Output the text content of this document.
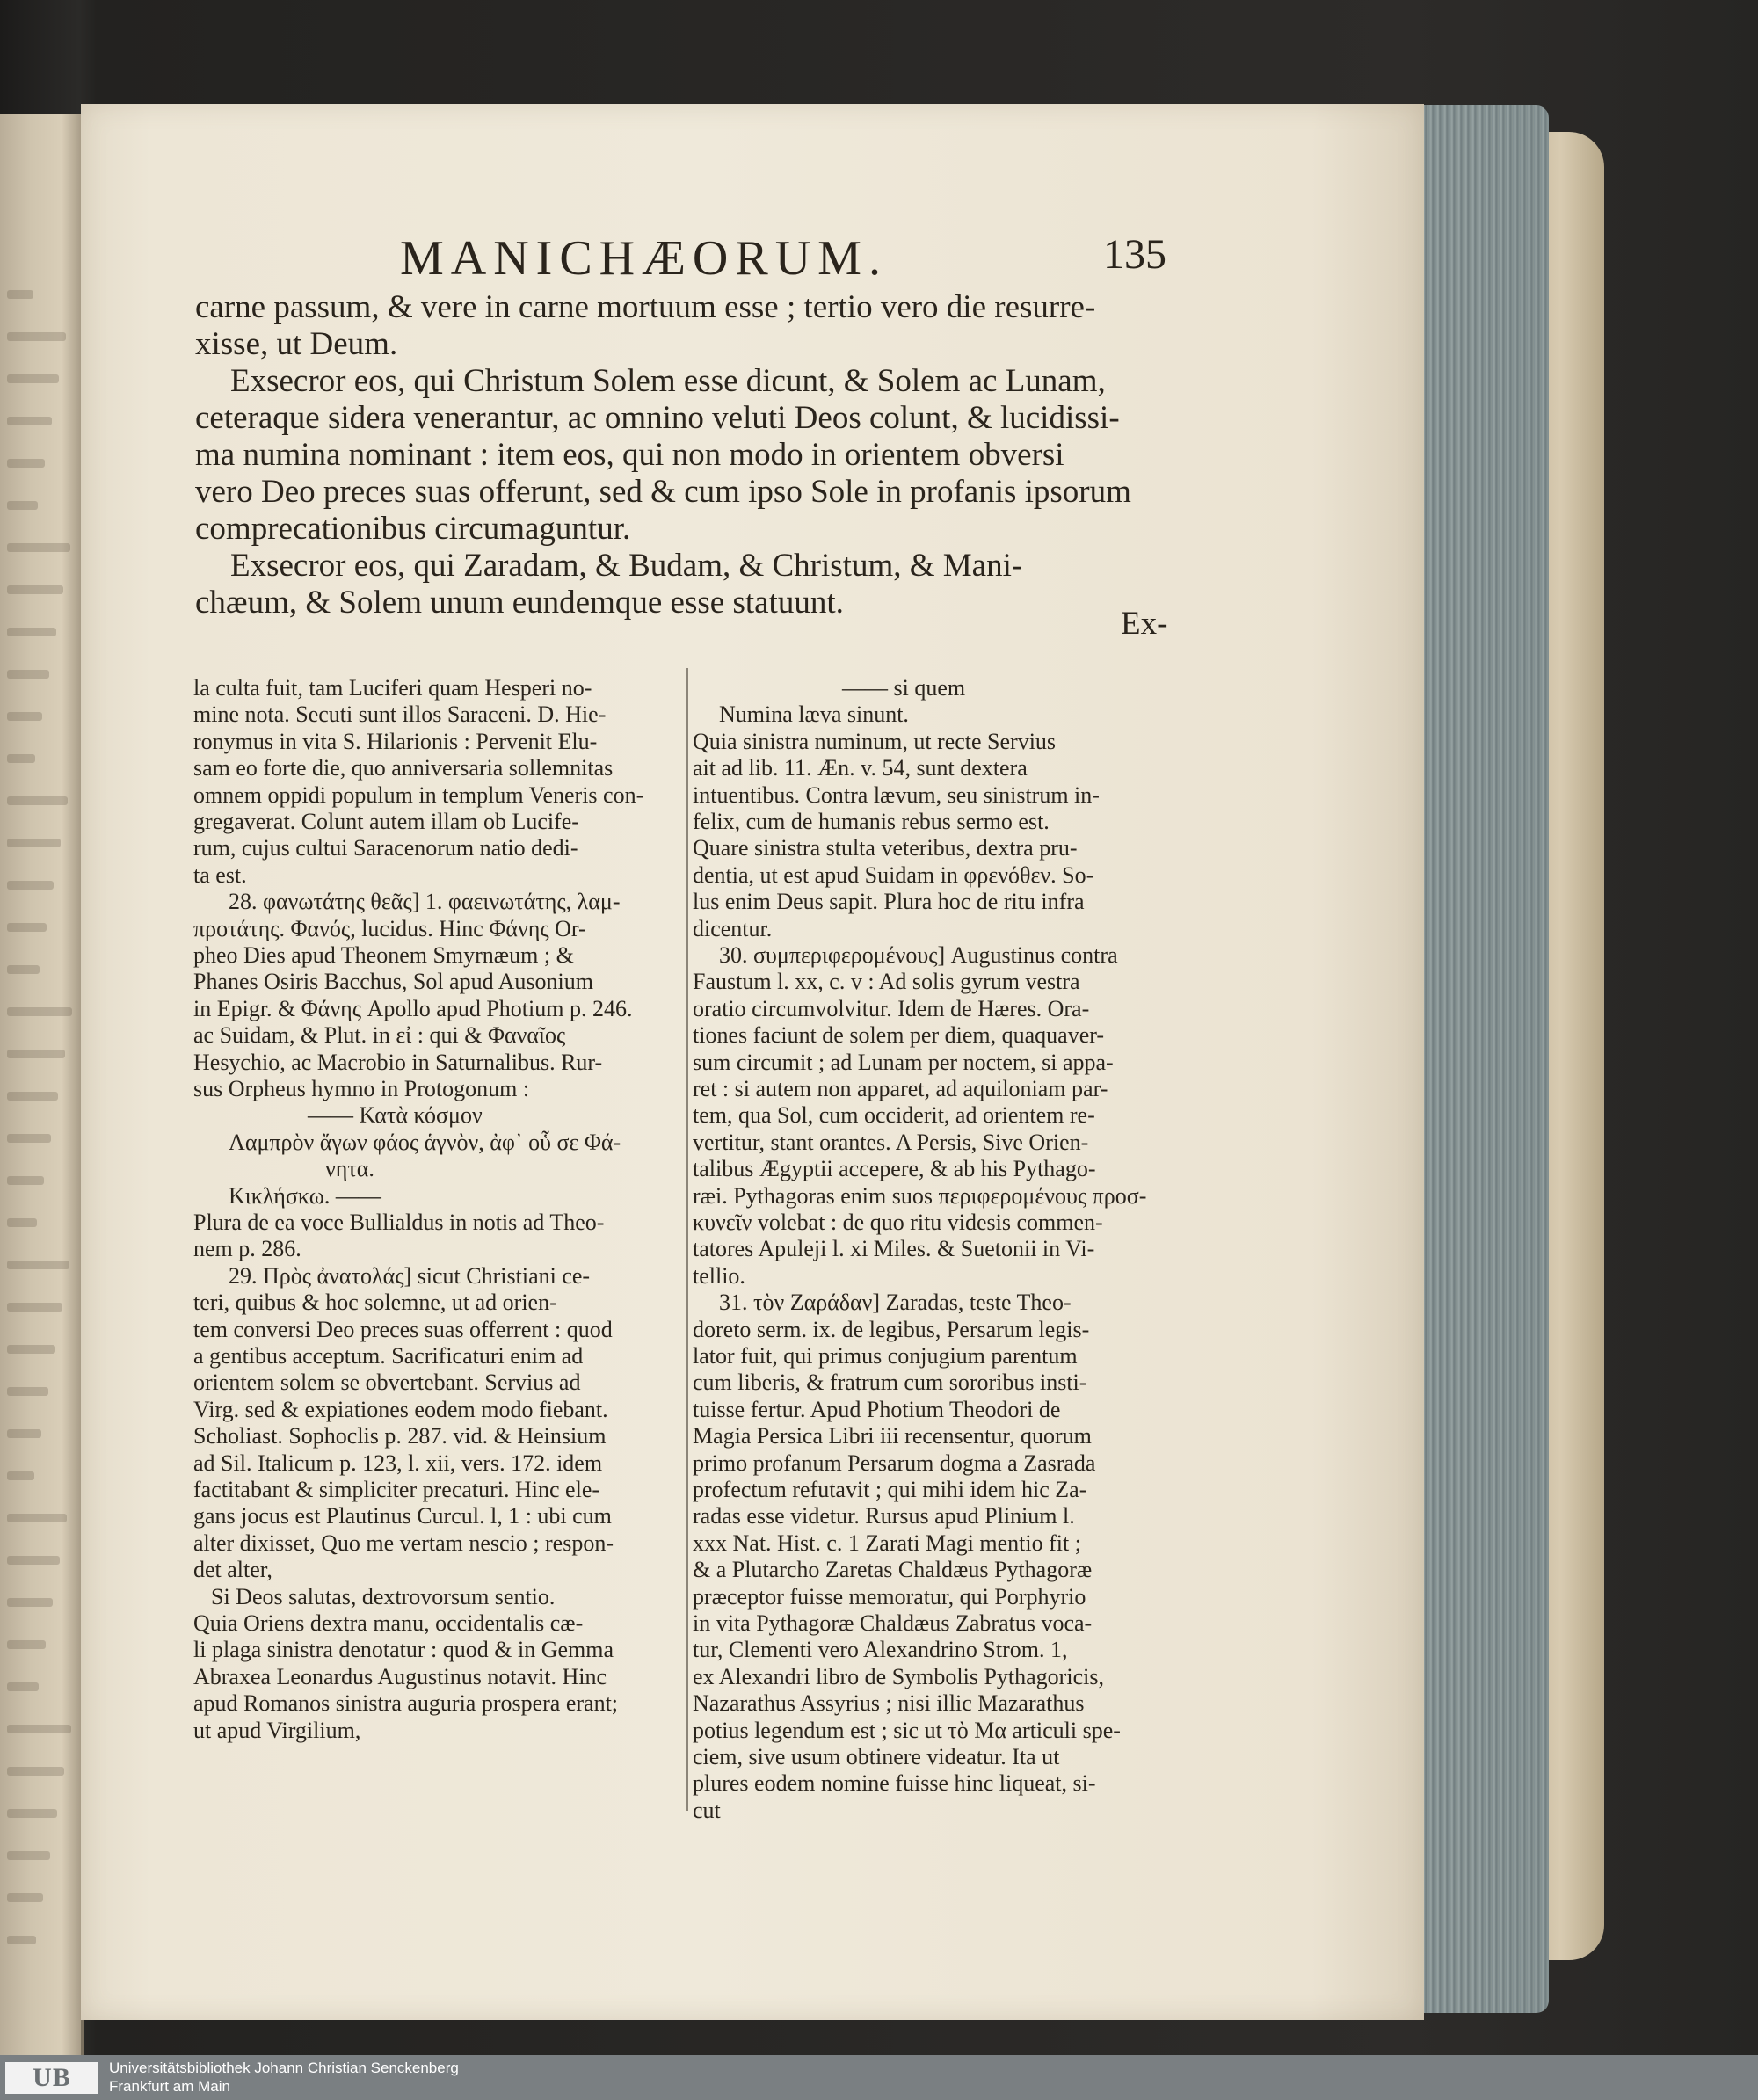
MANICHÆORUM.	135
carne passum, & vere in carne mortuum esse ; tertio vero die resurre-
xisse, ut Deum.
Exsecror eos, qui Christum Solem esse dicunt, & Solem ac Lunam,
ceteraque sidera venerantur, ac omnino veluti Deos colunt, & lucidissi-
ma numina nominant : item eos, qui non modo in orientem obversi
vero Deo preces suas offerunt, sed & cum ipso Sole in profanis ipsorum
comprecationibus circumaguntur.
Exsecror eos, qui Zaradam, & Budam, & Christum, & Mani-
chæum, & Solem unum eundemque esse statuunt.
Ex-
UB	Universitätsbibliothek Johann Christian Senckenberg
Frankfurt am Main
la culta fuit, tam Luciferi quam Hesperi no-
mine nota. Secuti sunt illos Saraceni. D. Hie-
ronymus in vita S. Hilarionis : Pervenit Elu-
sam eo forte die, quo anniversaria sollemnitas
omnem oppidi populum in templum Veneris con-
gregaverat. Colunt autem illam ob Lucife-
rum, cujus cultui Saracenorum natio dedi-
ta est.
28. φανωτάτης θεᾶς] 1. φαεινωτάτης, λαμ-
προτάτης. Φανός, lucidus. Hinc Φάνης Or-
pheo Dies apud Theonem Smyrnæum ; &
Phanes Osiris Bacchus, Sol apud Ausonium
in Epigr. & Φάνης Apollo apud Photium p. 246.
ac Suidam, & Plut. in εἰ : qui & Φαναῖος
Hesychio, ac Macrobio in Saturnalibus. Rur-
sus Orpheus hymno in Protogonum :
—— Κατὰ κόσμον
Λαμπρὸν ἄγων φάος ἁγνὸν, ἀφ᾽ οὗ σε Φά-
νητα.
Κικλήσκω. ——
Plura de ea voce Bullialdus in notis ad Theo-
nem p. 286.
29. Πρὸς ἀνατολάς] sicut Christiani ce-
teri, quibus & hoc solemne, ut ad orien-
tem conversi Deo preces suas offerrent : quod
a gentibus acceptum. Sacrificaturi enim ad
orientem solem se obvertebant. Servius ad
Virg. sed & expiationes eodem modo fiebant.
Scholiast. Sophoclis p. 287. vid. & Heinsium
ad Sil. Italicum p. 123, l. xii, vers. 172. idem
factitabant & simpliciter precaturi. Hinc ele-
gans jocus est Plautinus Curcul. l, 1 : ubi cum
alter dixisset, Quo me vertam nescio ; respon-
det alter,
Si Deos salutas, dextrovorsum sentio.
Quia Oriens dextra manu, occidentalis cæ-
li plaga sinistra denotatur : quod & in Gemma
Abraxea Leonardus Augustinus notavit. Hinc
apud Romanos sinistra auguria prospera erant;
ut apud Virgilium,
—— si quem
Numina læva sinunt.
Quia sinistra numinum, ut recte Servius
ait ad lib. 11. Æn. v. 54, sunt dextera
intuentibus. Contra lævum, seu sinistrum in-
felix, cum de humanis rebus sermo est.
Quare sinistra stulta veteribus, dextra pru-
dentia, ut est apud Suidam in φρενόθεν. So-
lus enim Deus sapit. Plura hoc de ritu infra
dicentur.
30. συμπεριφερομένους] Augustinus contra
Faustum l. xx, c. v : Ad solis gyrum vestra
oratio circumvolvitur. Idem de Hæres. Ora-
tiones faciunt de solem per diem, quaquaver-
sum circumit ; ad Lunam per noctem, si appa-
ret : si autem non apparet, ad aquiloniam par-
tem, qua Sol, cum occiderit, ad orientem re-
vertitur, stant orantes. A Persis, Sive Orien-
talibus Ægyptii accepere, & ab his Pythago-
ræi. Pythagoras enim suos περιφερομένους προσ-
κυνεῖν volebat : de quo ritu videsis commen-
tatores Apuleji l. xi Miles. & Suetonii in Vi-
tellio.
31. τὸν Ζαράδαν] Zaradas, teste Theo-
doreto serm. ix. de legibus, Persarum legis-
lator fuit, qui primus conjugium parentum
cum liberis, & fratrum cum sororibus insti-
tuisse fertur. Apud Photium Theodori de
Magia Persica Libri iii recensentur, quorum
primo profanum Persarum dogma a Zasrada
profectum refutavit ; qui mihi idem hic Za-
radas esse videtur. Rursus apud Plinium l.
xxx Nat. Hist. c. 1 Zarati Magi mentio fit ;
& a Plutarcho Zaretas Chaldæus Pythagoræ
præceptor fuisse memoratur, qui Porphyrio
in vita Pythagoræ Chaldæus Zabratus voca-
tur, Clementi vero Alexandrino Strom. 1,
ex Alexandri libro de Symbolis Pythagoricis,
Nazarathus Assyrius ; nisi illic Mazarathus
potius legendum est ; sic ut τὸ Μα articuli spe-
ciem, sive usum obtinere videatur. Ita ut
plures eodem nomine fuisse hinc liqueat, si-
cut
